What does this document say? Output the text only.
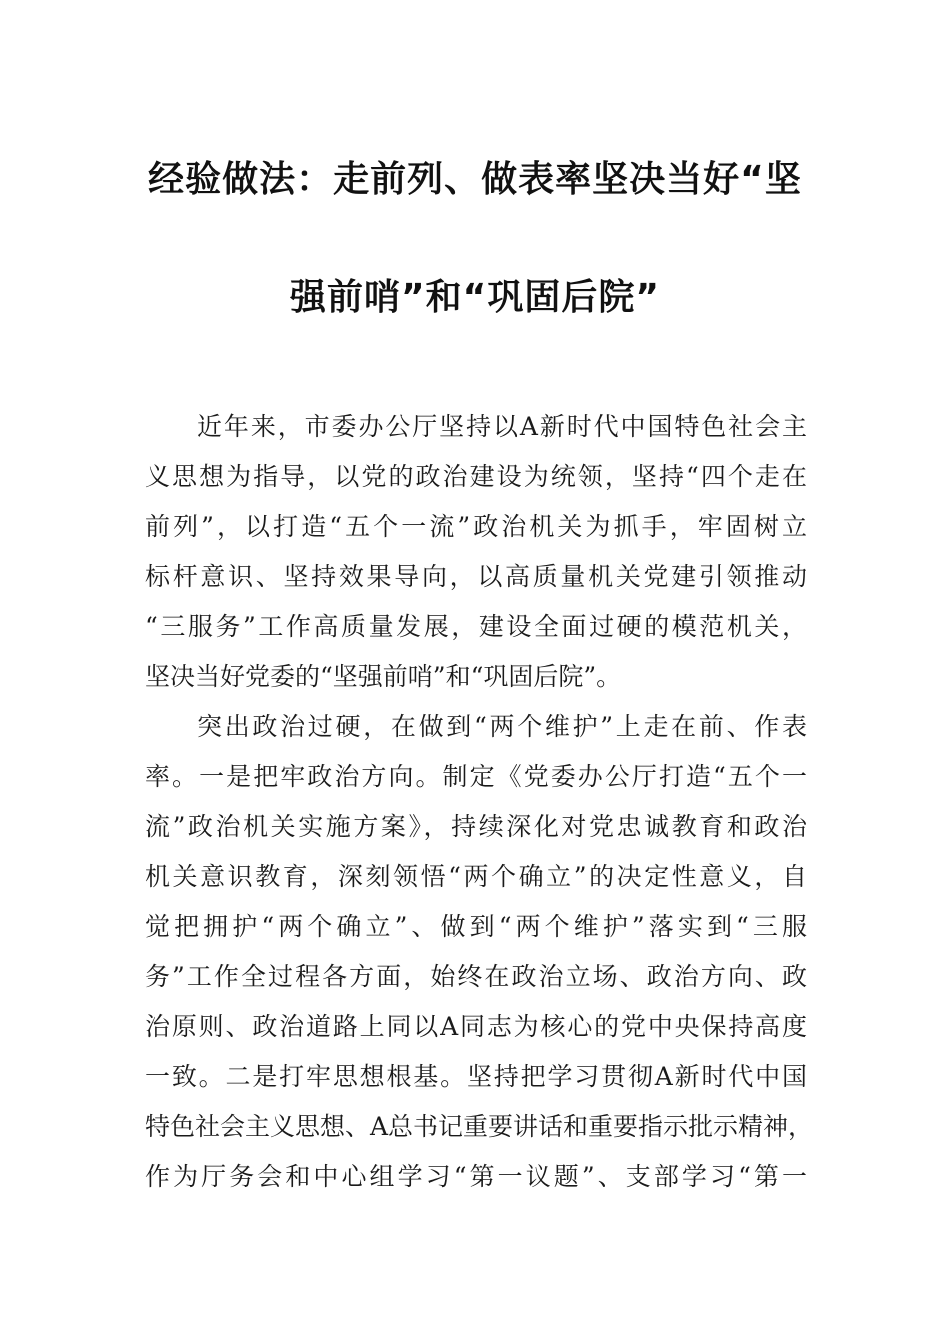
经验做法：走前列、做表率坚决当好“坚
强前哨”和“巩固后院”
近年来，市委办公厅坚持以A新时代中国特色社会主
义思想为指导，以党的政治建设为统领，坚持“四个走在
前列”，以打造“五个一流”政治机关为抓手，牢固树立
标杆意识、坚持效果导向，以高质量机关党建引领推动
“三服务”工作高质量发展，建设全面过硬的模范机关，
坚决当好党委的“坚强前哨”和“巩固后院”。
突出政治过硬，在做到“两个维护”上走在前、作表
率。一是把牢政治方向。制定《党委办公厅打造“五个一
流”政治机关实施方案》，持续深化对党忠诚教育和政治
机关意识教育，深刻领悟“两个确立”的决定性意义，自
觉把拥护“两个确立”、做到“两个维护”落实到“三服
务”工作全过程各方面，始终在政治立场、政治方向、政
治原则、政治道路上同以A同志为核心的党中央保持高度
一致。二是打牢思想根基。坚持把学习贯彻A新时代中国
特色社会主义思想、A总书记重要讲话和重要指示批示精神，
作为厅务会和中心组学习“第一议题”、支部学习“第一
